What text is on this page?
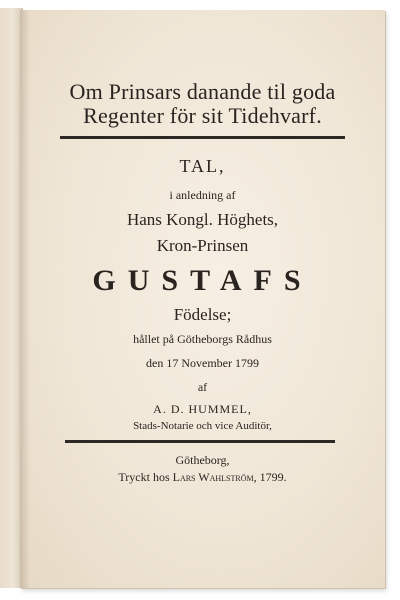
Om Prinsars danande til goda
Regenter för sit Tidehvarf.
TAL,
i anledning af
Hans Kongl. Höghets,
Kron-Prinsen
GUSTAFS
Födelse;
hållet på Götheborgs Rådhus
den 17 November 1799
af
A. D. HUMMEL,
Stads-Notarie och vice Auditör,
Götheborg,
Tryckt hos Lars Wahlström, 1799.
